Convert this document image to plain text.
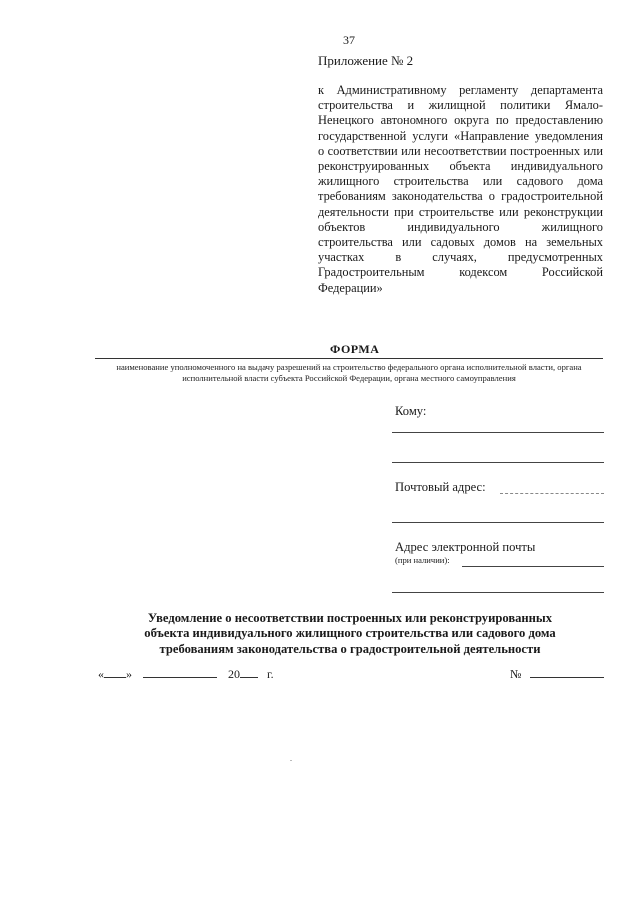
37
Приложение № 2
к Административному регламенту департамента строительства и жилищной политики Ямало-Ненецкого автономного округа по предоставлению государственной услуги «Направление уведомления о соответствии или несоответствии построенных или реконструированных объекта индивидуального жилищного строительства или садового дома требованиям законодательства о градостроительной деятельности при строительстве или реконструкции объектов индивидуального жилищного строительства или садовых домов на земельных участках в случаях, предусмотренных Градостроительным кодексом Российской Федерации»
ФОРМА
наименование уполномоченного на выдачу разрешений на строительство федерального органа исполнительной власти, органа исполнительной власти субъекта Российской Федерации, органа местного самоуправления
Кому:
Почтовый адрес:
Адрес электронной почты
(при наличии):
Уведомление о несоответствии построенных или реконструированных
объекта индивидуального жилищного строительства или садового дома
требованиям законодательства о градостроительной деятельности
« »	20 г.	№
